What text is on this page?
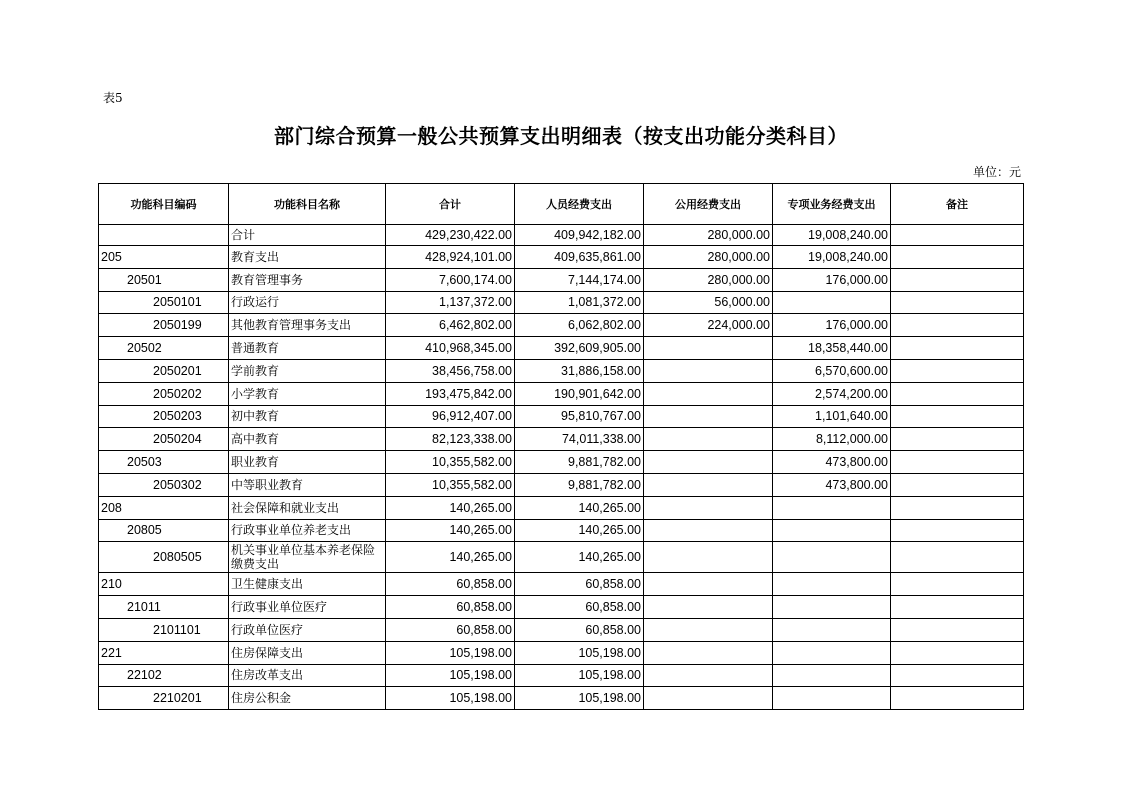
表5
部门综合预算一般公共预算支出明细表（按支出功能分类科目）
单位：元
功能科目编码	功能科目名称	合计	人员经费支出	公用经费支出	专项业务经费支出	备注
	合计	429,230,422.00	409,942,182.00	280,000.00	19,008,240.00	
205	教育支出	428,924,101.00	409,635,861.00	280,000.00	19,008,240.00	
20501	教育管理事务	7,600,174.00	7,144,174.00	280,000.00	176,000.00	
2050101	行政运行	1,137,372.00	1,081,372.00	56,000.00		
2050199	其他教育管理事务支出	6,462,802.00	6,062,802.00	224,000.00	176,000.00	
20502	普通教育	410,968,345.00	392,609,905.00		18,358,440.00	
2050201	学前教育	38,456,758.00	31,886,158.00		6,570,600.00	
2050202	小学教育	193,475,842.00	190,901,642.00		2,574,200.00	
2050203	初中教育	96,912,407.00	95,810,767.00		1,101,640.00	
2050204	高中教育	82,123,338.00	74,011,338.00		8,112,000.00	
20503	职业教育	10,355,582.00	9,881,782.00		473,800.00	
2050302	中等职业教育	10,355,582.00	9,881,782.00		473,800.00	
208	社会保障和就业支出	140,265.00	140,265.00			
20805	行政事业单位养老支出	140,265.00	140,265.00			
2080505	机关事业单位基本养老保险缴费支出	140,265.00	140,265.00			
210	卫生健康支出	60,858.00	60,858.00			
21011	行政事业单位医疗	60,858.00	60,858.00			
2101101	行政单位医疗	60,858.00	60,858.00			
221	住房保障支出	105,198.00	105,198.00			
22102	住房改革支出	105,198.00	105,198.00			
2210201	住房公积金	105,198.00	105,198.00			
